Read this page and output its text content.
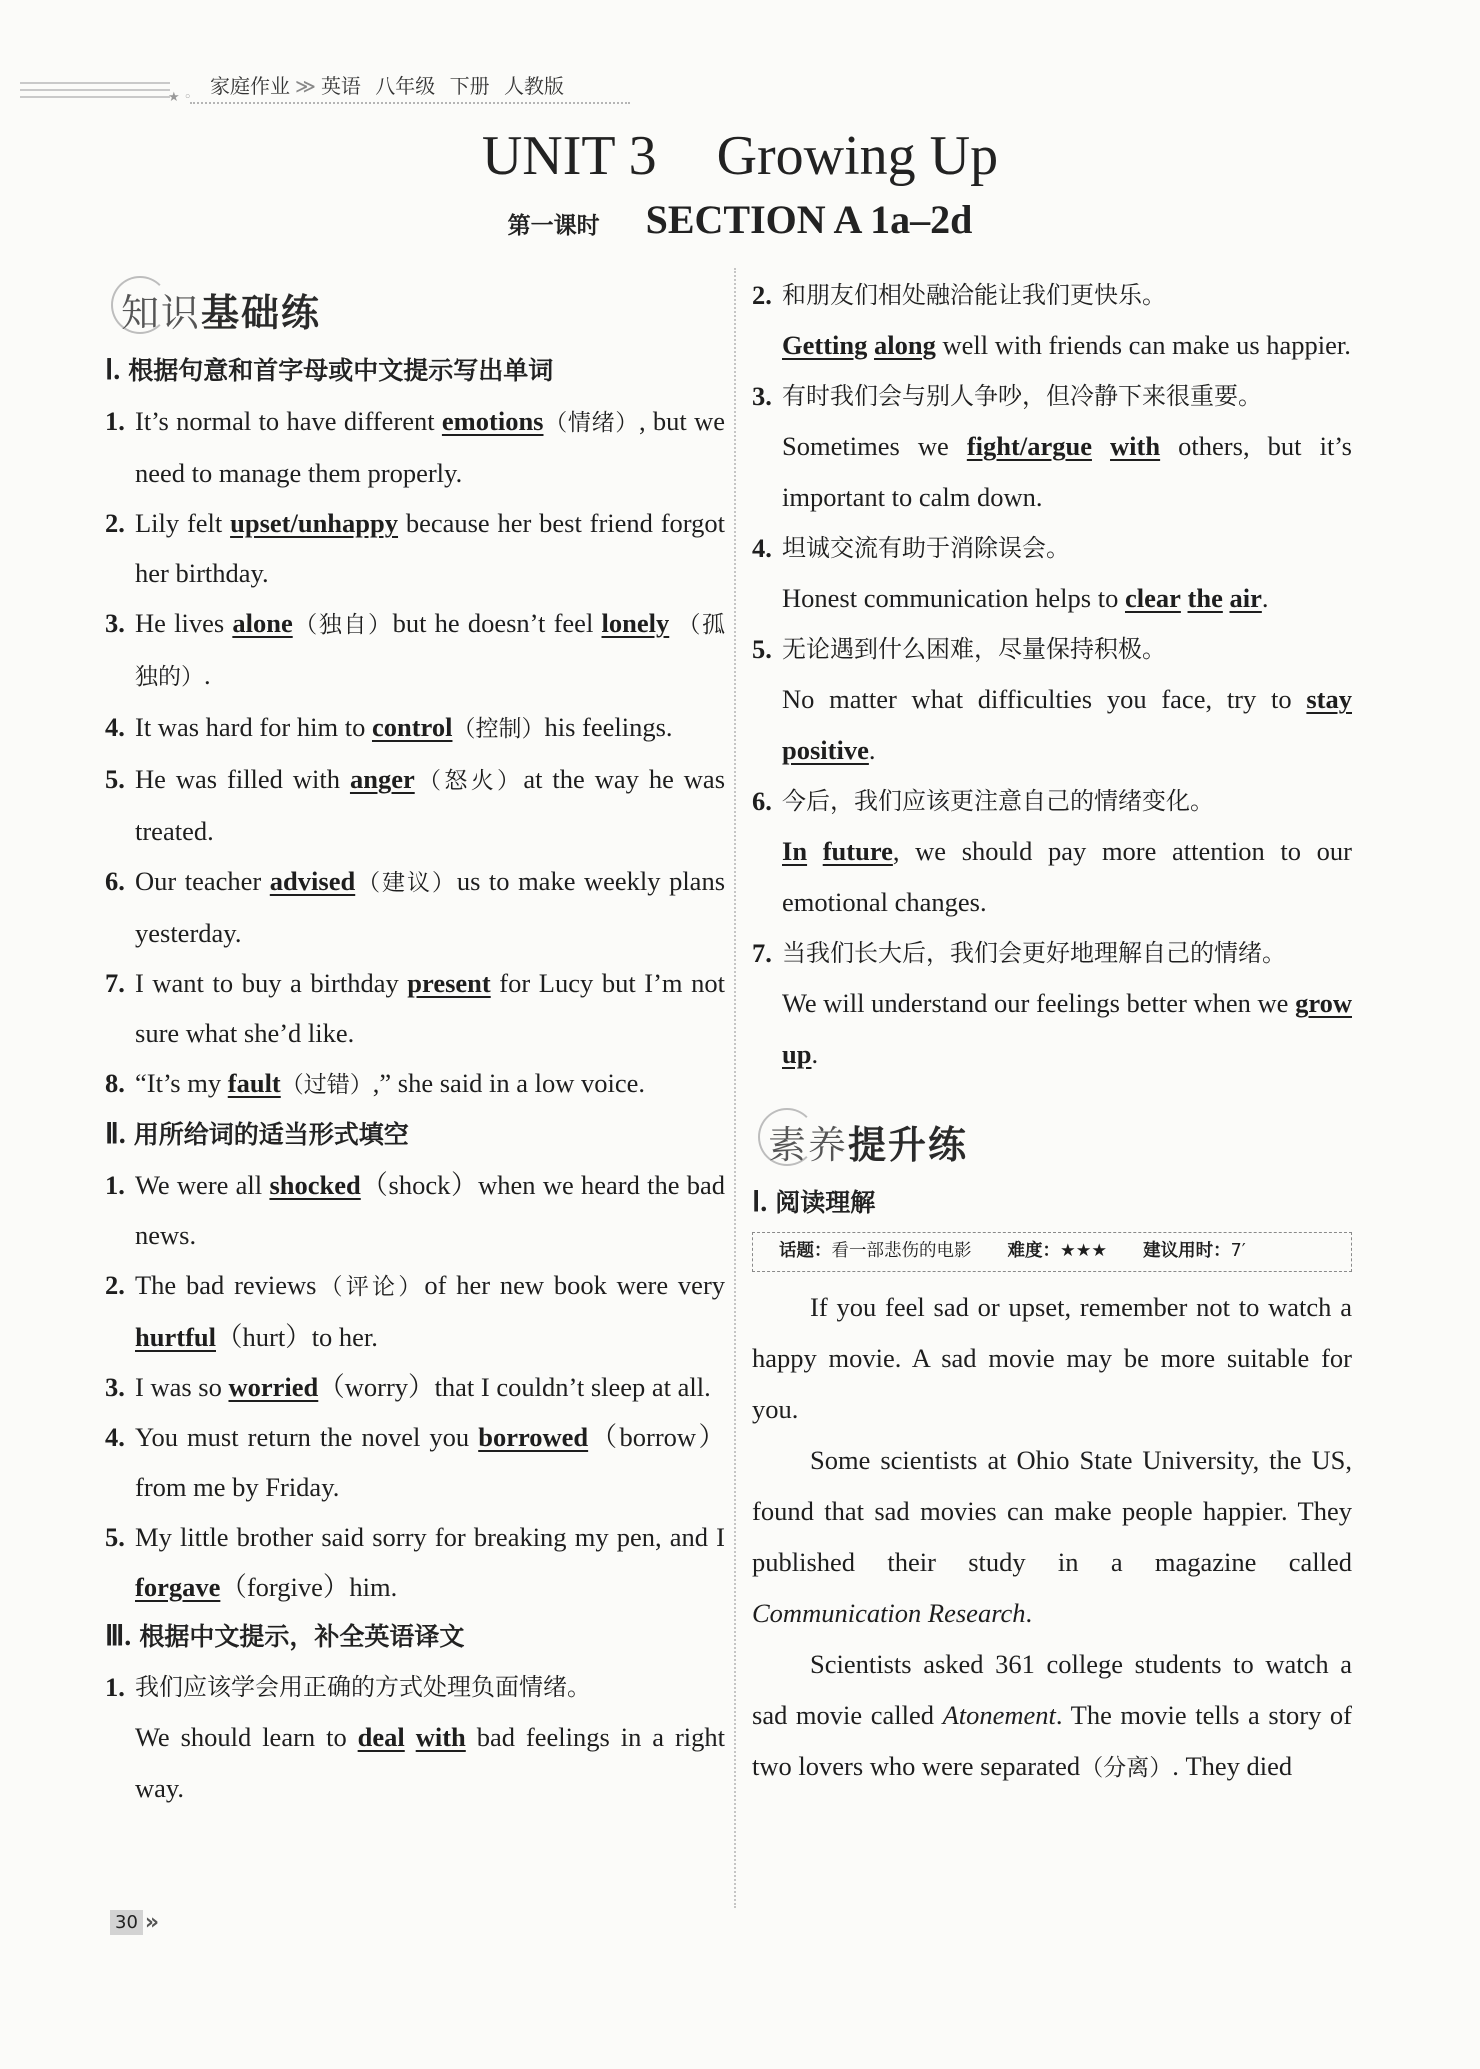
★ ◦ 家庭作业 ≫ 英语 八年级 下册 人教版
UNIT 3 Growing Up
第一课时 SECTION A 1a–2d
知识基础练
Ⅰ. 根据句意和首字母或中文提示写出单词
1. It’s normal to have different emotions（情绪）, but we need to manage them properly.
2. Lily felt upset/unhappy because her best friend forgot her birthday.
3. He lives alone（独自）but he doesn’t feel lonely （孤独的）.
4. It was hard for him to control（控制）his feelings.
5. He was filled with anger（怒火）at the way he was treated.
6. Our teacher advised（建议）us to make weekly plans yesterday.
7. I want to buy a birthday present for Lucy but I’m not sure what she’d like.
8. “It’s my fault（过错）,” she said in a low voice.
Ⅱ. 用所给词的适当形式填空
1. We were all shocked（shock）when we heard the bad news.
2. The bad reviews（评论）of her new book were very hurtful（hurt）to her.
3. I was so worried（worry）that I couldn’t sleep at all.
4. You must return the novel you borrowed（borrow） from me by Friday.
5. My little brother said sorry for breaking my pen, and I forgave（forgive）him.
Ⅲ. 根据中文提示，补全英语译文
1. 我们应该学会用正确的方式处理负面情绪。
We should learn to deal with bad feelings in a right way.
2. 和朋友们相处融洽能让我们更快乐。
Getting along well with friends can make us happier.
3. 有时我们会与别人争吵，但冷静下来很重要。
Sometimes we fight/argue with others, but it’s important to calm down.
4. 坦诚交流有助于消除误会。
Honest communication helps to clear the air.
5. 无论遇到什么困难，尽量保持积极。
No matter what difficulties you face, try to stay positive.
6. 今后，我们应该更注意自己的情绪变化。
In future, we should pay more attention to our emotional changes.
7. 当我们长大后，我们会更好地理解自己的情绪。
We will understand our feelings better when we grow up.
素养提升练
Ⅰ. 阅读理解
话题：看一部悲伤的电影 难度：★★★ 建议用时：7′

If you feel sad or upset, remember not to watch a happy movie. A sad movie may be more suitable for you.

Some scientists at Ohio State University, the US, found that sad movies can make people happier. They published their study in a magazine called Communication Research.

Scientists asked 361 college students to watch a sad movie called Atonement. The movie tells a story of two lovers who were separated（分离）. They died

30 »
